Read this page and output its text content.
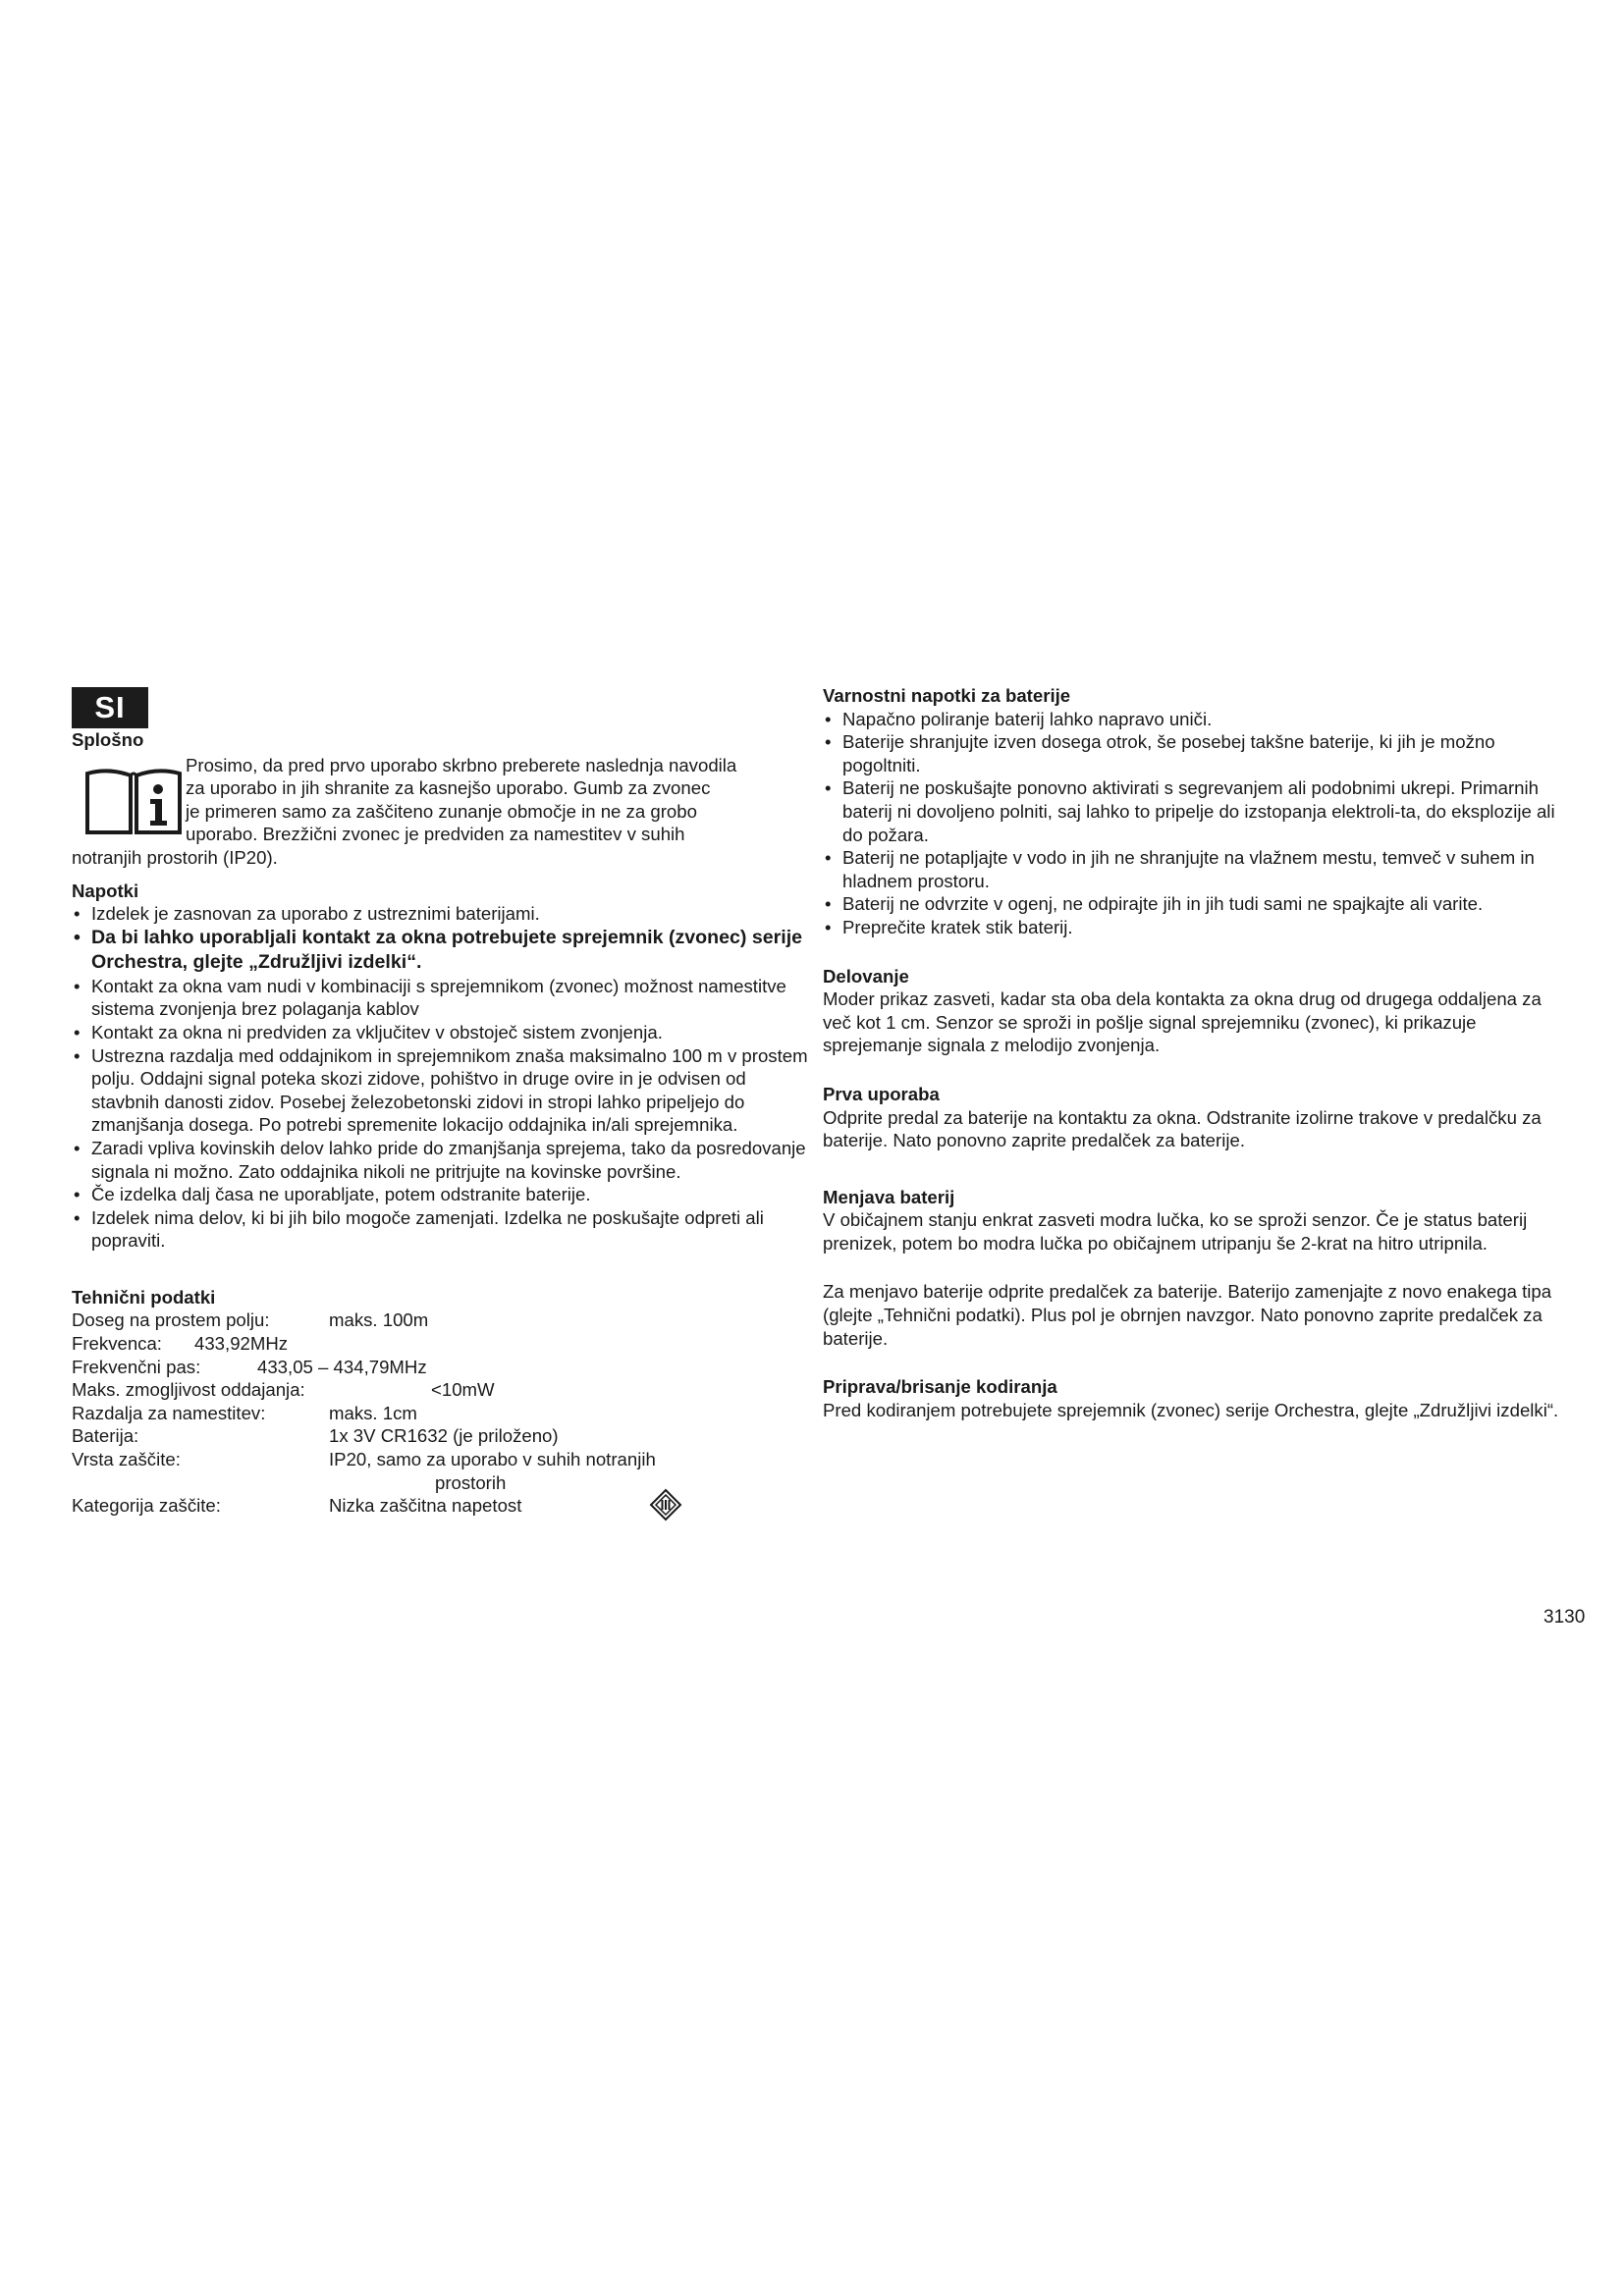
SI
Splošno

Prosimo, da pred prvo uporabo skrbno preberete naslednja navodila
za uporabo in jih shranite za kasnejšo uporabo. Gumb za zvonec
je primeren samo za zaščiteno zunanje območje in ne za grobo
uporabo. Brezžični zvonec je predviden za namestitev v suhih
notranjih prostorih (IP20).

Napotki
• Izdelek je zasnovan za uporabo z ustreznimi baterijami.
• Da bi lahko uporabljali kontakt za okna potrebujete sprejemnik (zvonec) serije Orchestra, glejte „Združljivi izdelki“.
• Kontakt za okna vam nudi v kombinaciji s sprejemnikom (zvonec) možnost namestitve sistema zvonjenja brez polaganja kablov
• Kontakt za okna ni predviden za vključitev v obstoječ sistem zvonjenja.
• Ustrezna razdalja med oddajnikom in sprejemnikom znaša maksimalno 100 m v prostem polju. Oddajni signal poteka skozi zidove, pohištvo in druge ovire in je odvisen od stavbnih danosti zidov. Posebej železobetonski zidovi in stropi lahko pripeljejo do zmanjšanja dosega. Po potrebi spremenite lokacijo oddajnika in/ali sprejemnika.
• Zaradi vpliva kovinskih delov lahko pride do zmanjšanja sprejema, tako da posredovanje signala ni možno. Zato oddajnika nikoli ne pritrjujte na kovinske površine.
• Če izdelka dalj časa ne uporabljate, potem odstranite baterije.
• Izdelek nima delov, ki bi jih bilo mogoče zamenjati. Izdelka ne poskušajte odpreti ali popraviti.
Tehnični podatki
Doseg na prostem polju:	maks. 100m
Frekvenca: 433,92MHz
Frekvenčni pas:	433,05 – 434,79MHz
Maks. zmogljivost oddajanja:	<10mW
Razdalja za namestitev:	maks. 1cm
Baterija:	1x 3V CR1632 (je priloženo)
Vrsta zaščite:	IP20, samo za uporabo v suhih notranjih
prostorih
Kategorija zaščite:	Nizka zaščitna napetost
Varnostni napotki za baterije
• Napačno poliranje baterij lahko napravo uniči.
• Baterije shranjujte izven dosega otrok, še posebej takšne baterije, ki jih je možno pogoltniti.
• Baterij ne poskušajte ponovno aktivirati s segrevanjem ali podobnimi ukrepi. Primarnih baterij ni dovoljeno polniti, saj lahko to pripelje do izstopanja elektroli-ta, do eksplozije ali do požara.
• Baterij ne potapljajte v vodo in jih ne shranjujte na vlažnem mestu, temveč v suhem in hladnem prostoru.
• Baterij ne odvrzite v ogenj, ne odpirajte jih in jih tudi sami ne spajkajte ali varite.
• Preprečite kratek stik baterij.
Delovanje

Moder prikaz zasveti, kadar sta oba dela kontakta za okna drug od drugega oddaljena za več kot 1 cm. Senzor se sproži in pošlje signal sprejemniku (zvonec), ki prikazuje sprejemanje signala z melodijo zvonjenja.

Prva uporaba

Odprite predal za baterije na kontaktu za okna. Odstranite izolirne trakove v predalčku za baterije. Nato ponovno zaprite predalček za baterije.

Menjava baterij

V običajnem stanju enkrat zasveti modra lučka, ko se sproži senzor. Če je status baterij prenizek, potem bo modra lučka po običajnem utripanju še 2-krat na hitro utripnila.

Za menjavo baterije odprite predalček za baterije. Baterijo zamenjajte z novo enakega tipa (glejte „Tehnični podatki). Plus pol je obrnjen navzgor. Nato ponovno zaprite predalček za baterije.

Priprava/brisanje kodiranja

Pred kodiranjem potrebujete sprejemnik (zvonec) serije Orchestra, glejte „Združljivi izdelki“.

3130
